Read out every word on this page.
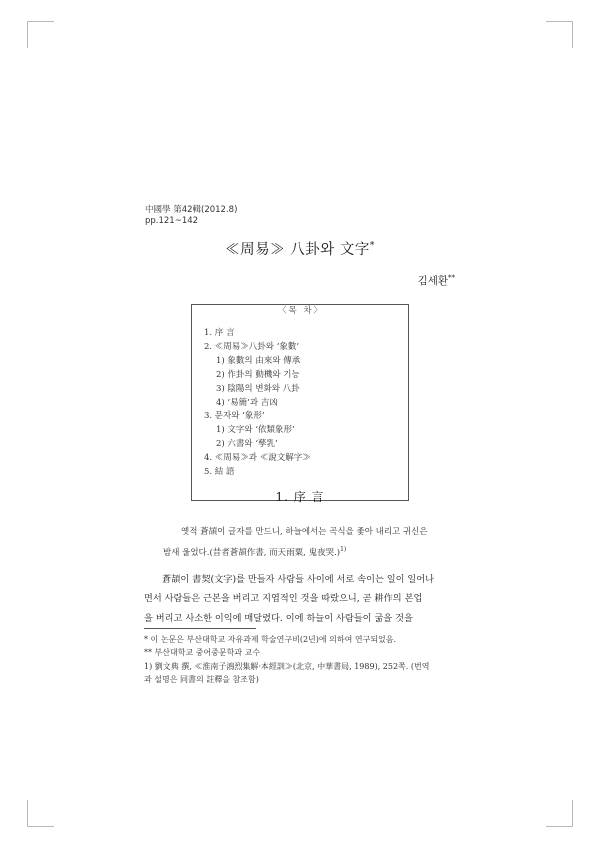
中國學 第42輯(2012.8)
pp.121~142
≪周易≫ 八卦와 文字*
김세환**
〈목 차〉
1. 序 言
2. ≪周易≫八卦와 ‘象數’
1) 象數의 由來와 傳承
2) 作卦의 動機와 기능
3) 陰陽의 변화와 八卦
4) ‘易簡’과 吉凶
3. 문자와 ‘象形’
1) 文字와 ‘依類象形’
2) 六書와 ‘孳乳’
4. ≪周易≫과 ≪說文解字≫
5. 結 語
1. 序 言
옛적 蒼頡이 글자를 만드니, 하늘에서는 곡식을 좇아 내리고 귀신은
밤새 울었다.(昔者蒼頡作書, 而天雨粟, 鬼夜哭.)$^{1)}$
蒼頡이 書契(文字)를 만들자 사람들 사이에 서로 속이는 일이 일어나
면서 사람들은 근본을 버리고 지엽적인 것을 따랐으니, 곧 耕作의 본업
을 버리고 사소한 이익에 매달렸다. 이에 하늘이 사람들이 굶을 것을
* 이 논문은 부산대학교 자유과제 학술연구비(2년)에 의하여 연구되었음.
** 부산대학교 중어중문학과 교수
1) 劉文典 撰, ≪淮南子鴻烈集解·本經訓≫(北京, 中華書局, 1989), 252쪽. (번역
과 설명은 同書의 註釋을 참조함)
